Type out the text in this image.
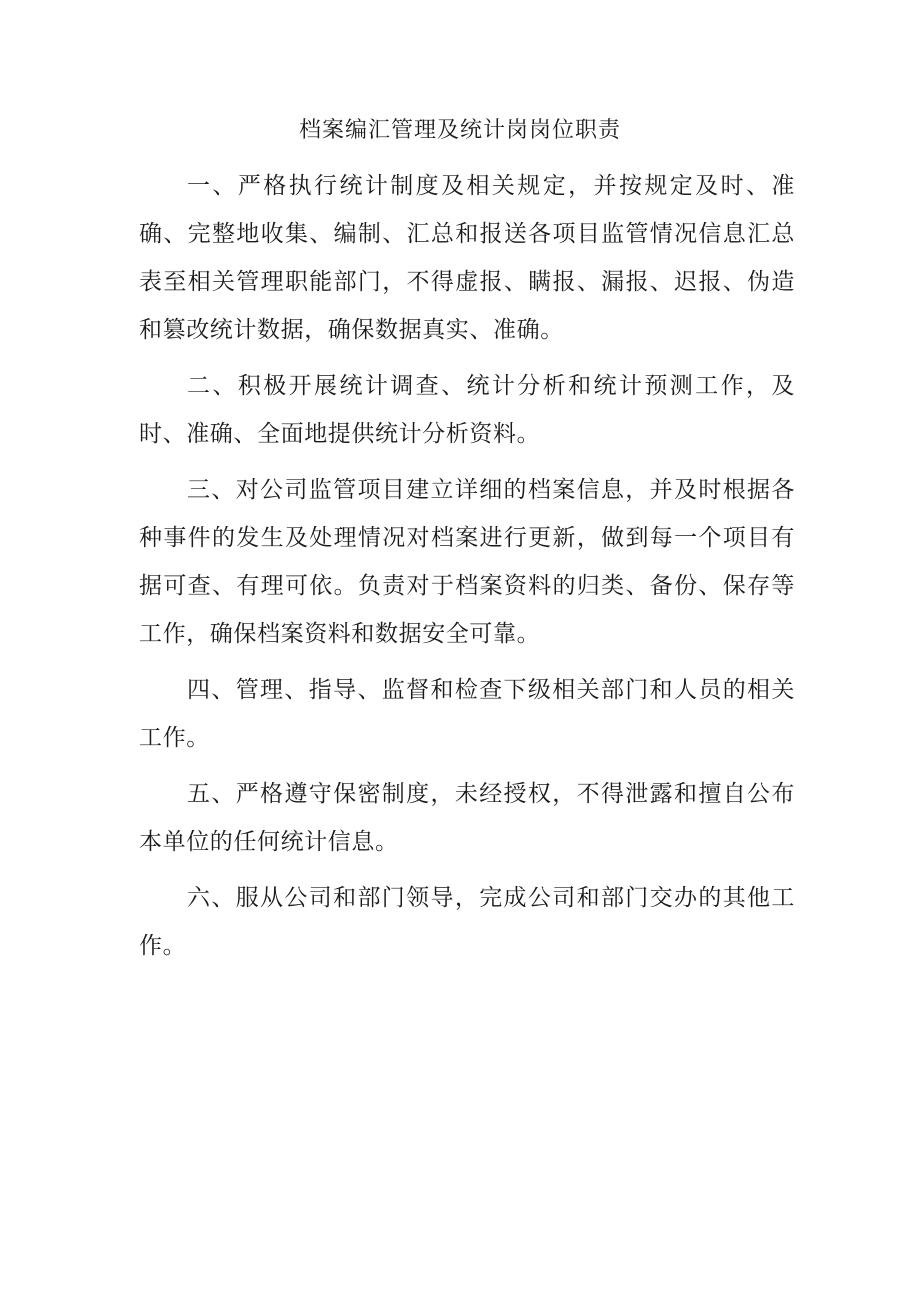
档案编汇管理及统计岗岗位职责

一、严格执行统计制度及相关规定，并按规定及时、准确、完整地收集、编制、汇总和报送各项目监管情况信息汇总表至相关管理职能部门，不得虚报、瞒报、漏报、迟报、伪造和篡改统计数据，确保数据真实、准确。

二、积极开展统计调查、统计分析和统计预测工作，及时、准确、全面地提供统计分析资料。

三、对公司监管项目建立详细的档案信息，并及时根据各种事件的发生及处理情况对档案进行更新，做到每一个项目有据可查、有理可依。负责对于档案资料的归类、备份、保存等工作，确保档案资料和数据安全可靠。

四、管理、指导、监督和检查下级相关部门和人员的相关工作。

五、严格遵守保密制度，未经授权，不得泄露和擅自公布本单位的任何统计信息。

六、服从公司和部门领导，完成公司和部门交办的其他工作。
